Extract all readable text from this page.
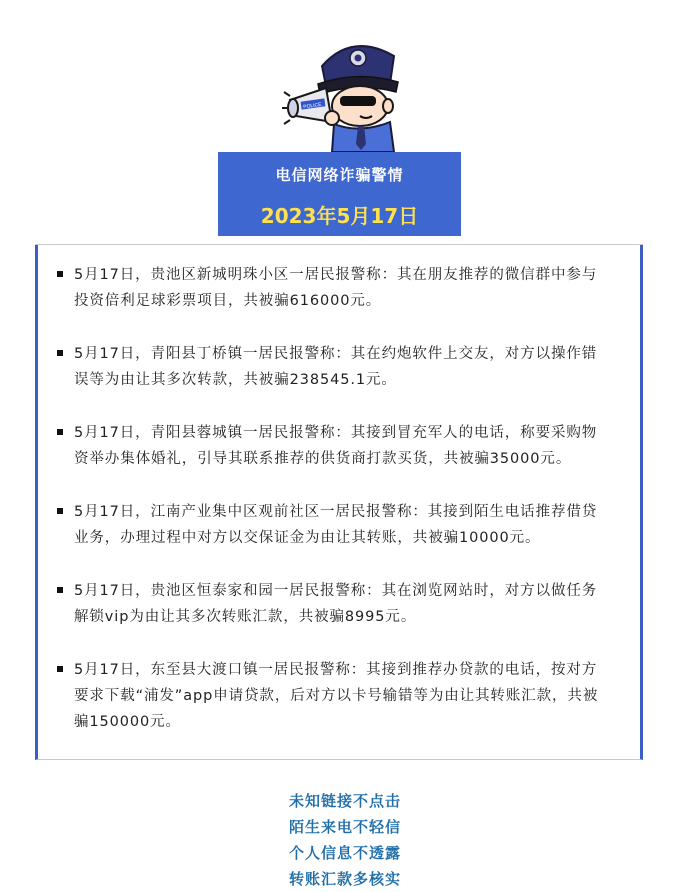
POLICE
电信网络诈骗警情
2023年5月17日
5月17日，贵池区新城明珠小区一居民报警称：其在朋友推荐的微信群中参与投资倍利足球彩票项目，共被骗616000元。
5月17日，青阳县丁桥镇一居民报警称：其在约炮软件上交友，对方以操作错误等为由让其多次转款，共被骗238545.1元。
5月17日，青阳县蓉城镇一居民报警称：其接到冒充军人的电话，称要采购物资举办集体婚礼，引导其联系推荐的供货商打款买货，共被骗35000元。
5月17日，江南产业集中区观前社区一居民报警称：其接到陌生电话推荐借贷业务，办理过程中对方以交保证金为由让其转账，共被骗10000元。
5月17日，贵池区恒泰家和园一居民报警称：其在浏览网站时，对方以做任务解锁vip为由让其多次转账汇款，共被骗8995元。
5月17日，东至县大渡口镇一居民报警称：其接到推荐办贷款的电话，按对方要求下载“浦发”app申请贷款，后对方以卡号输错等为由让其转账汇款，共被骗150000元。
未知链接不点击
陌生来电不轻信
个人信息不透露
转账汇款多核实
